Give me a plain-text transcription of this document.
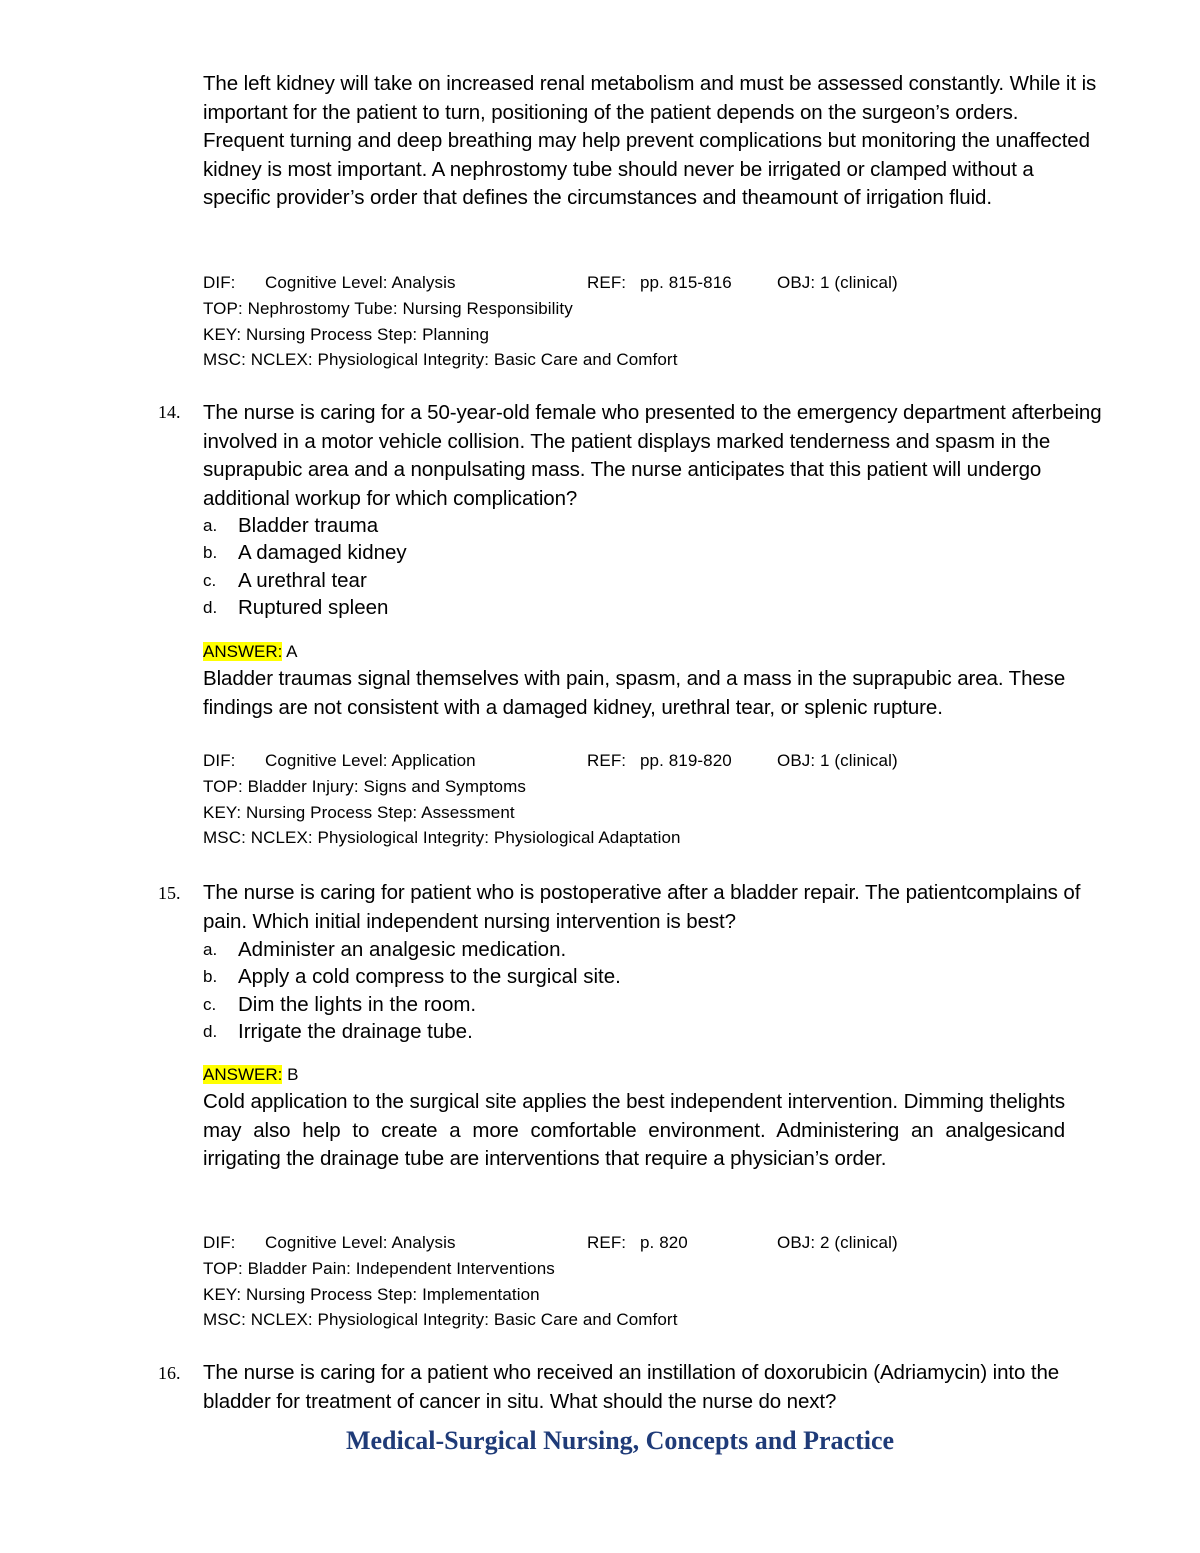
The left kidney will take on increased renal metabolism and must be assessed constantly. While it is important for the patient to turn, positioning of the patient depends on the surgeon’s orders. Frequent turning and deep breathing may help prevent complications but monitoring the unaffected kidney is most important. A nephrostomy tube should never be irrigated or clamped without a specific provider’s order that defines the circumstances and theamount of irrigation fluid.
DIF: Cognitive Level: Analysis	REF: pp. 815-816	OBJ: 1 (clinical)
TOP: Nephrostomy Tube: Nursing Responsibility
KEY: Nursing Process Step: Planning
MSC: NCLEX: Physiological Integrity: Basic Care and Comfort
14. The nurse is caring for a 50-year-old female who presented to the emergency department afterbeing involved in a motor vehicle collision. The patient displays marked tenderness and spasm in the suprapubic area and a nonpulsating mass. The nurse anticipates that this patient will undergo additional workup for which complication?
a. Bladder trauma
b. A damaged kidney
c. A urethral tear
d. Ruptured spleen
ANSWER: A
Bladder traumas signal themselves with pain, spasm, and a mass in the suprapubic area. These findings are not consistent with a damaged kidney, urethral tear, or splenic rupture.
DIF: Cognitive Level: Application	REF: pp. 819-820	OBJ: 1 (clinical)
TOP: Bladder Injury: Signs and Symptoms
KEY: Nursing Process Step: Assessment
MSC: NCLEX: Physiological Integrity: Physiological Adaptation
15. The nurse is caring for patient who is postoperative after a bladder repair. The patientcomplains of pain. Which initial independent nursing intervention is best?
a. Administer an analgesic medication.
b. Apply a cold compress to the surgical site.
c. Dim the lights in the room.
d. Irrigate the drainage tube.
ANSWER: B
Cold application to the surgical site applies the best independent intervention. Dimming thelights may also help to create a more comfortable environment. Administering an analgesicand irrigating the drainage tube are interventions that require a physician’s order.
DIF: Cognitive Level: Analysis	REF: p. 820	OBJ: 2 (clinical)
TOP: Bladder Pain: Independent Interventions
KEY: Nursing Process Step: Implementation
MSC: NCLEX: Physiological Integrity: Basic Care and Comfort
16. The nurse is caring for a patient who received an instillation of doxorubicin (Adriamycin) into the bladder for treatment of cancer in situ. What should the nurse do next?
Medical-Surgical Nursing, Concepts and Practice
